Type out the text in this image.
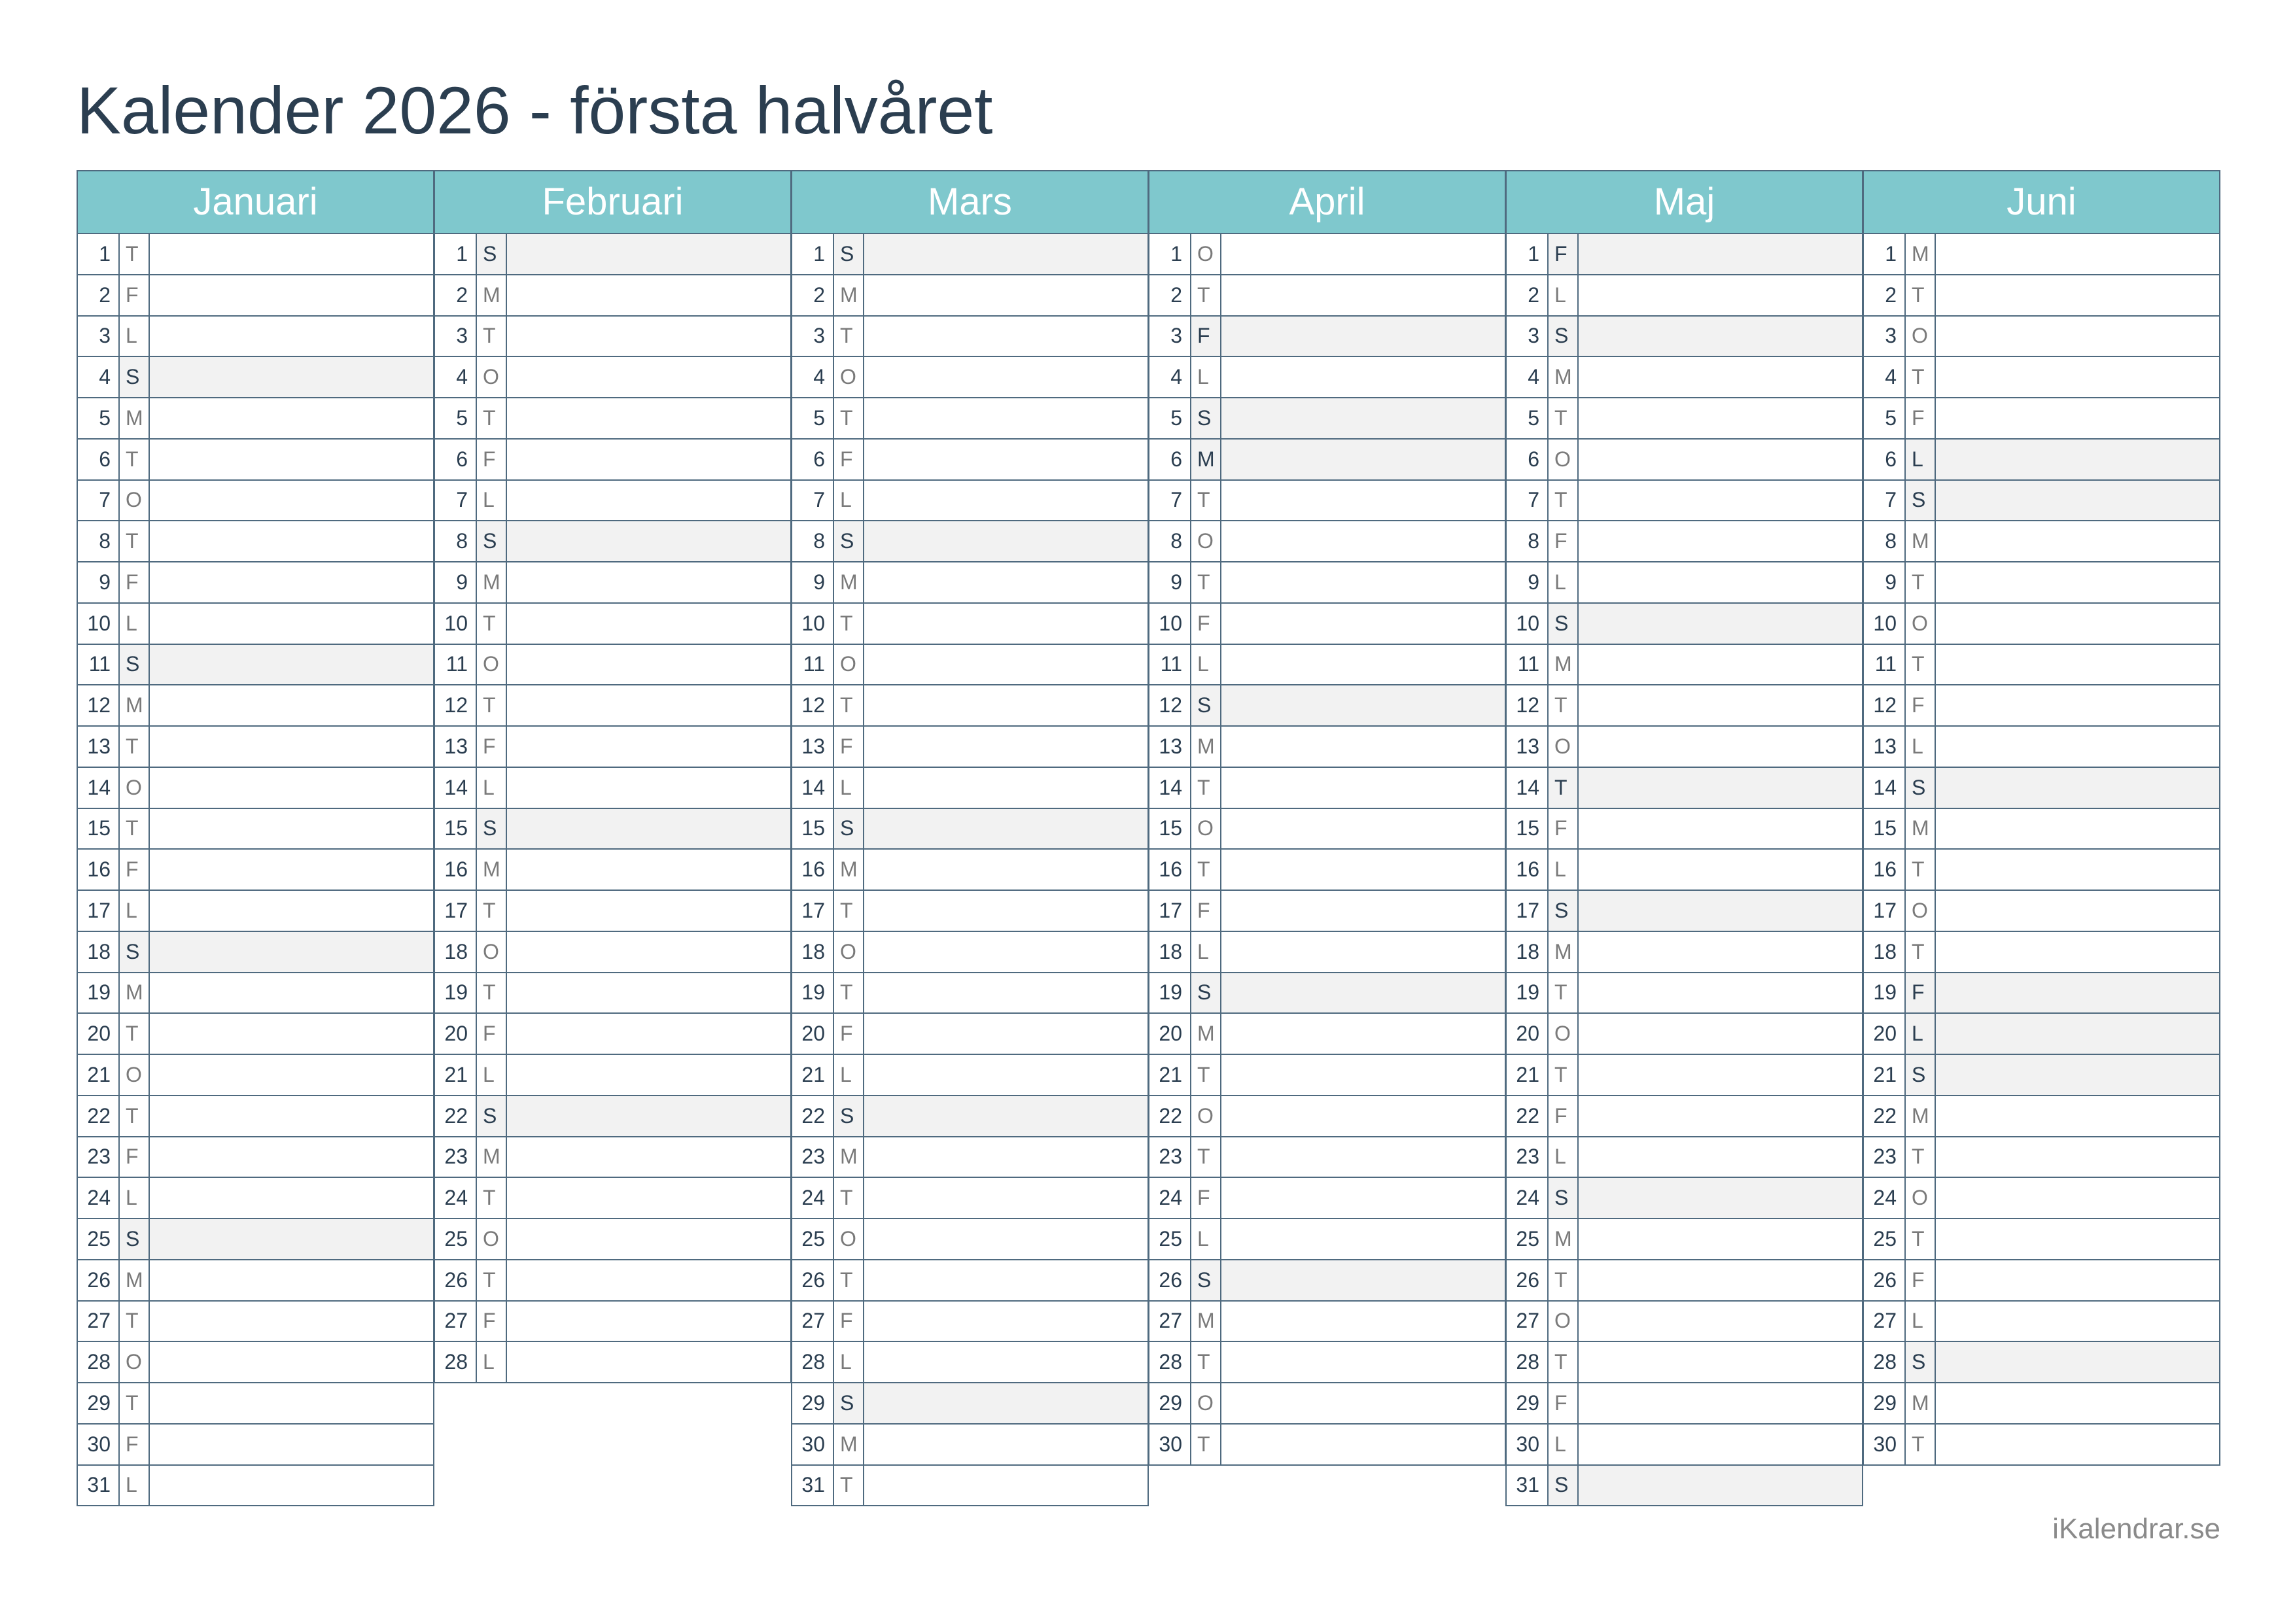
Kalender 2026 - första halvåret
Januari
1 T
2 F
3 L
4 S
5 M
6 T
7 O
8 T
9 F
10 L
11 S
12 M
13 T
14 O
15 T
16 F
17 L
18 S
19 M
20 T
21 O
22 T
23 F
24 L
25 S
26 M
27 T
28 O
29 T
30 F
31 L
Februari
1 S
2 M
3 T
4 O
5 T
6 F
7 L
8 S
9 M
10 T
11 O
12 T
13 F
14 L
15 S
16 M
17 T
18 O
19 T
20 F
21 L
22 S
23 M
24 T
25 O
26 T
27 F
28 L
Mars
1 S
2 M
3 T
4 O
5 T
6 F
7 L
8 S
9 M
10 T
11 O
12 T
13 F
14 L
15 S
16 M
17 T
18 O
19 T
20 F
21 L
22 S
23 M
24 T
25 O
26 T
27 F
28 L
29 S
30 M
31 T
April
1 O
2 T
3 F
4 L
5 S
6 M
7 T
8 O
9 T
10 F
11 L
12 S
13 M
14 T
15 O
16 T
17 F
18 L
19 S
20 M
21 T
22 O
23 T
24 F
25 L
26 S
27 M
28 T
29 O
30 T
Maj
1 F
2 L
3 S
4 M
5 T
6 O
7 T
8 F
9 L
10 S
11 M
12 T
13 O
14 T
15 F
16 L
17 S
18 M
19 T
20 O
21 T
22 F
23 L
24 S
25 M
26 T
27 O
28 T
29 F
30 L
31 S
Juni
1 M
2 T
3 O
4 T
5 F
6 L
7 S
8 M
9 T
10 O
11 T
12 F
13 L
14 S
15 M
16 T
17 O
18 T
19 F
20 L
21 S
22 M
23 T
24 O
25 T
26 F
27 L
28 S
29 M
30 T
iKalendrar.se
